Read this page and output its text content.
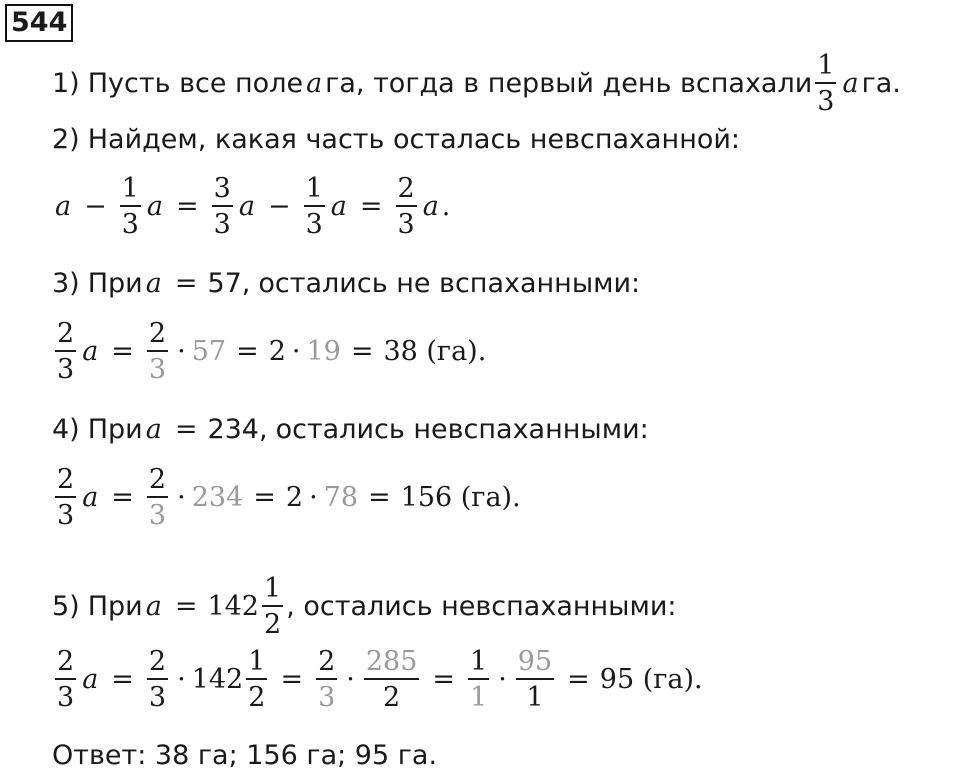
544
1) Пусть все поле a га, тогда в первый день вспахали $\frac{1}{3}$ a га.
2) Найдем, какая часть осталась невспаханной:
$a - \frac{1}{3}$ $a = \frac{3}{3}$ $a - \frac{1}{3}$ $a = \frac{2}{3}$ a .
3) При a = 57, остались не вспаханными:
$\frac{2}{3}$ $a = \frac{2}{3} \cdot 57 = 2 \cdot 19 = 38$ (га).
4) При a = 234, остались невспаханными:
$\frac{2}{3}$ $a = \frac{2}{3} \cdot 234 = 2 \cdot 78 = 156$ (га).
5) При $a = 142 \frac{1}{2}$ , остались невспаханными:
$\frac{2}{3}$ $a = \frac{2}{3} \cdot 142 \frac{1}{2} = \frac{2}{3} \cdot \frac{285}{2} = \frac{1}{1} \cdot \frac{95}{1} = 95$ (га).
Ответ: 38 га; 156 га; 95 га.
